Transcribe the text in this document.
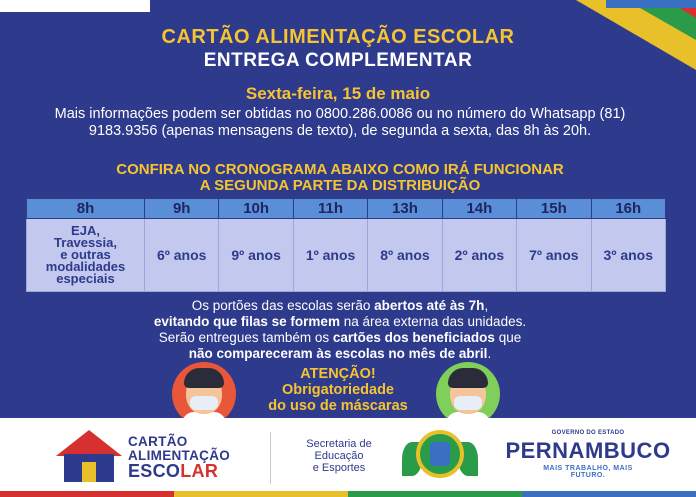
CARTÃO ALIMENTAÇÃO ESCOLAR
ENTREGA COMPLEMENTAR
Sexta-feira, 15 de maio
Mais informações podem ser obtidas no 0800.286.0086 ou no número do Whatsapp (81) 9183.9356 (apenas mensagens de texto), de segunda a sexta, das 8h às 20h.
CONFIRA NO CRONOGRAMA ABAIXO COMO IRÁ FUNCIONAR
A SEGUNDA PARTE DA DISTRIBUIÇÃO
8h	9h	10h	11h	13h	14h	15h	16h

EJA,
Travessia,
e outras
modalidades
especiais	6º anos	9º anos	1º anos	8º anos	2º anos	7º anos	3º anos
Os portões das escolas serão abertos até às 7h,
evitando que filas se formem na área externa das unidades.
Serão entregues também os cartões dos beneficiados que
não compareceram às escolas no mês de abril.
ATENÇÃO!
Obrigatoriedade
do uso de máscaras
CARTÃO
ALIMENTAÇÃO
ESCOLAR
Secretaria de
Educação
e Esportes
GOVERNO DO ESTADO
PERNAMBUCO
MAIS TRABALHO, MAIS FUTURO.
